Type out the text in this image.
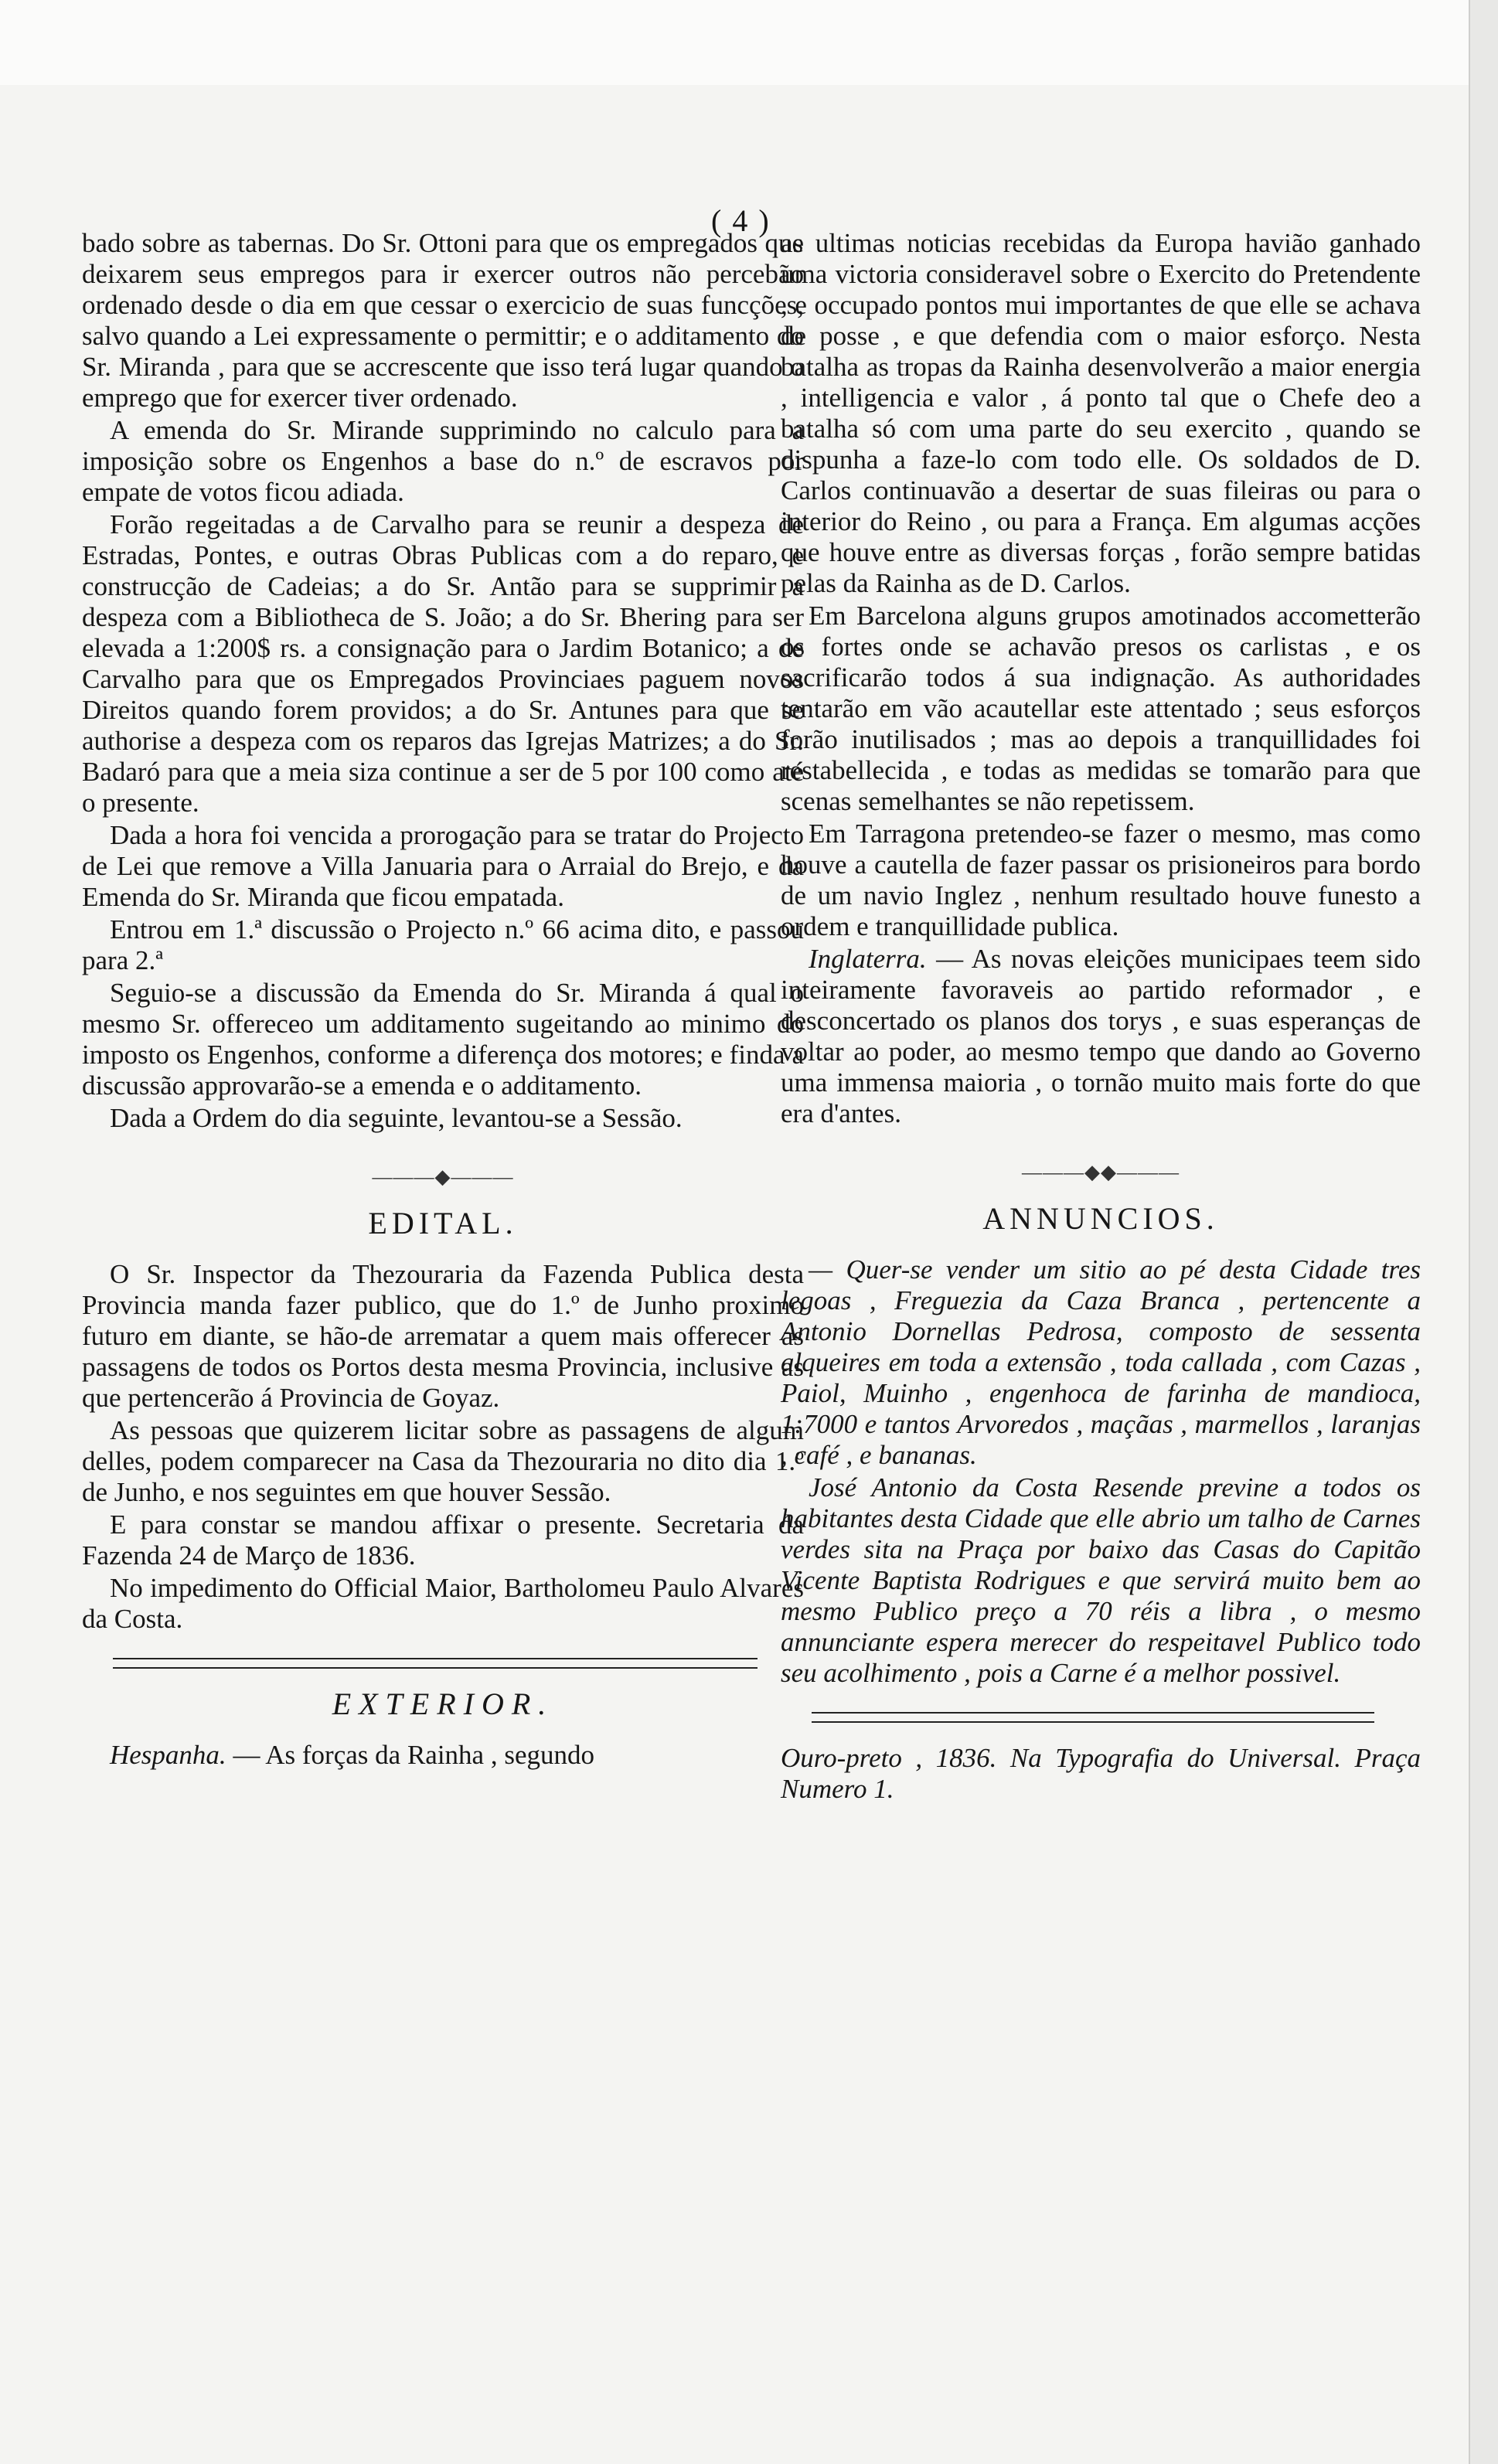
( 4 )

bado sobre as tabernas. Do Sr. Ottoni para que os empregados que deixarem seus empregos para ir exercer outros não percebão ordenado desde o dia em que cessar o exercicio de suas funcções, salvo quando a Lei expressamente o permittir; e o additamento do Sr. Miranda , para que se accrescente que isso terá lugar quando o emprego que for exercer tiver ordenado.

A emenda do Sr. Mirande supprimindo no calculo para a imposição sobre os Engenhos a base do n.º de escravos por empate de votos ficou adiada.

Forão regeitadas a de Carvalho para se reunir a despeza de Estradas, Pontes, e outras Obras Publicas com a do reparo, e construcção de Cadeias; a do Sr. Antão para se supprimir a despeza com a Bibliotheca de S. João; a do Sr. Bhering para ser elevada a 1:200$ rs. a consignação para o Jardim Botanico; a de Carvalho para que os Empregados Provinciaes paguem novos Direitos quando forem providos; a do Sr. Antunes para que se authorise a despeza com os reparos das Igrejas Matrizes; a do Sr. Badaró para que a meia siza continue a ser de 5 por 100 como até o presente.

Dada a hora foi vencida a prorogação para se tratar do Projecto de Lei que remove a Villa Januaria para o Arraial do Brejo, e da Emenda do Sr. Miranda que ficou empatada.

Entrou em 1.ª discussão o Projecto n.º 66 acima dito, e passou para 2.ª

Seguio-se a discussão da Emenda do Sr. Miranda á qual o mesmo Sr. offereceo um additamento sugeitando ao minimo do imposto os Engenhos, conforme a diferença dos motores; e finda a discussão approvarão-se a emenda e o additamento.

Dada a Ordem do dia seguinte, levantou-se a Sessão.

———◆———
EDITAL.

O Sr. Inspector da Thezouraria da Fazenda Publica desta Provincia manda fazer publico, que do 1.º de Junho proximo futuro em diante, se hão-de arrematar a quem mais offerecer as passagens de todos os Portos desta mesma Provincia, inclusive as que pertencerão á Provincia de Goyaz.

As pessoas que quizerem licitar sobre as passagens de algum delles, podem comparecer na Casa da Thezouraria no dito dia 1.º de Junho, e nos seguintes em que houver Sessão.

E para constar se mandou affixar o presente. Secretaria da Fazenda 24 de Março de 1836.

No impedimento do Official Maior, Bartholomeu Paulo Alvares da Costa.

EXTERIOR.

Hespanha. — As forças da Rainha , segundo

as ultimas noticias recebidas da Europa havião ganhado uma victoria consideravel sobre o Exercito do Pretendente , e occupado pontos mui importantes de que elle se achava de posse , e que defendia com o maior esforço. Nesta batalha as tropas da Rainha desenvolverão a maior energia , intelligencia e valor , á ponto tal que o Chefe deo a batalha só com uma parte do seu exercito , quando se dispunha a faze-lo com todo elle. Os soldados de D. Carlos continuavão a desertar de suas fileiras ou para o interior do Reino , ou para a França. Em algumas acções que houve entre as diversas forças , forão sempre batidas pelas da Rainha as de D. Carlos.

Em Barcelona alguns grupos amotinados accometterão os fortes onde se achavão presos os carlistas , e os sacrificarão todos á sua indignação. As authoridades tentarão em vão acautellar este attentado ; seus esforços forão inutilisados ; mas ao depois a tranquillidades foi restabellecida , e todas as medidas se tomarão para que scenas semelhantes se não repetissem.

Em Tarragona pretendeo-se fazer o mesmo, mas como houve a cautella de fazer passar os prisioneiros para bordo de um navio Inglez , nenhum resultado houve funesto a ordem e tranquillidade publica.

Inglaterra. — As novas eleições municipaes teem sido inteiramente favoraveis ao partido reformador , e desconcertado os planos dos torys , e suas esperanças de voltar ao poder, ao mesmo tempo que dando ao Governo uma immensa maioria , o tornão muito mais forte do que era d'antes.

———◆◆———
ANNUNCIOS.

— Quer-se vender um sitio ao pé desta Cidade tres legoas , Freguezia da Caza Branca , pertencente a Antonio Dornellas Pedrosa, composto de sessenta alqueires em toda a extensão , toda callada , com Cazas , Paiol, Muinho , engenhoca de farinha de mandioca, 1:7000 e tantos Arvoredos , maçãas , marmellos , laranjas , café , e bananas.

José Antonio da Costa Resende previne a todos os habitantes desta Cidade que elle abrio um talho de Carnes verdes sita na Praça por baixo das Casas do Capitão Vicente Baptista Rodrigues e que servirá muito bem ao mesmo Publico preço a 70 réis a libra , o mesmo annunciante espera merecer do respeitavel Publico todo seu acolhimento , pois a Carne é a melhor possivel.

Ouro-preto , 1836. Na Typografia do Universal. Praça Numero 1.
